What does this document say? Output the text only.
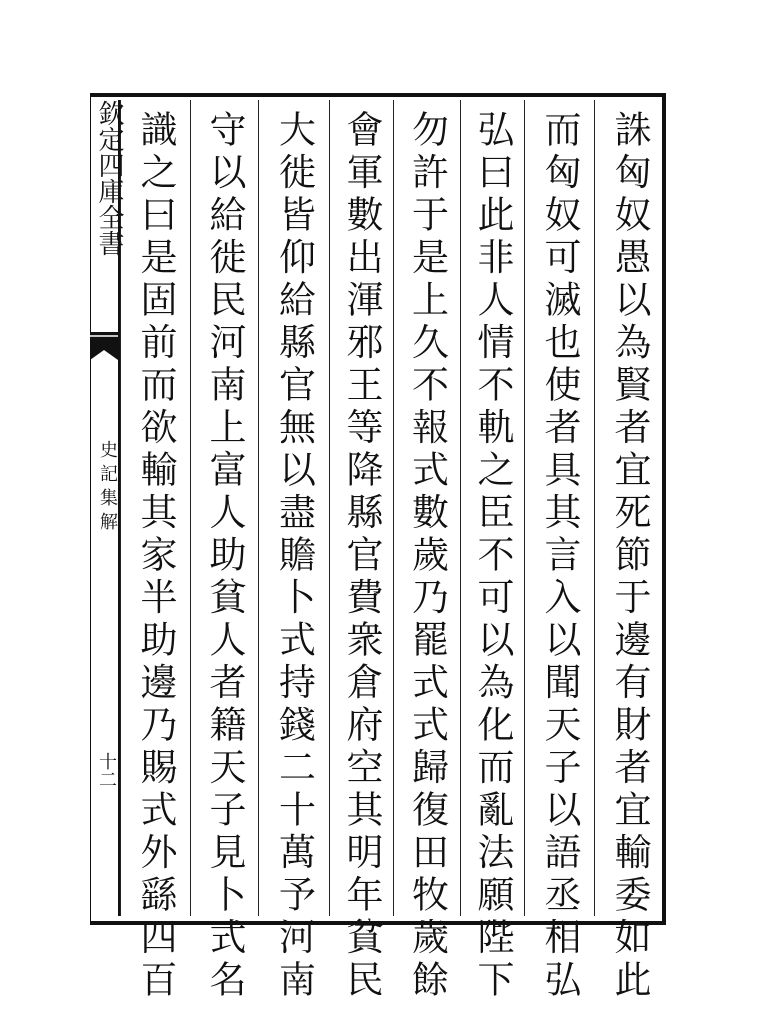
誅匈奴愚以為賢者宜死節于邊有財者宜輸委如此
而匈奴可滅也使者具其言入以聞天子以語丞相弘
弘曰此非人情不軌之臣不可以為化而亂法願陛下
勿許于是上久不報式數歲乃罷式式歸復田牧歲餘
會軍數出渾邪王等降縣官費衆倉府空其明年貧民
大徙皆仰給縣官無以盡贍卜式持錢二十萬予河南
守以給徙民河南上富人助貧人者籍天子見卜式名
識之曰是固前而欲輸其家半助邊乃賜式外繇四百
欽定四庫全書
史記集解
十二
